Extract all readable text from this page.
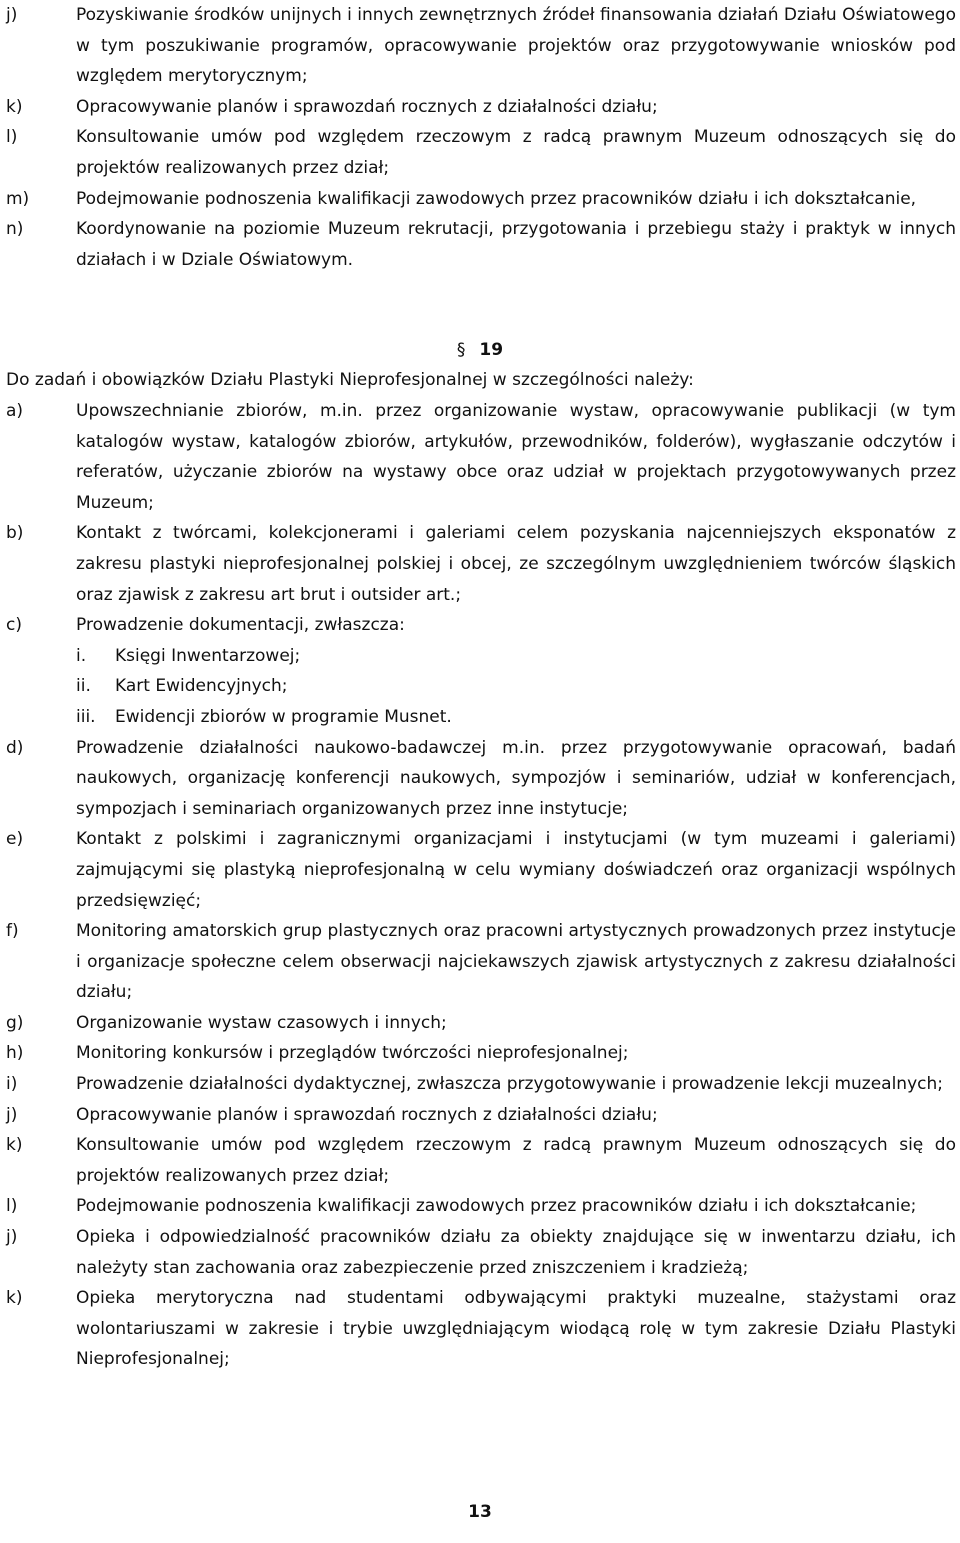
j)	Pozyskiwanie środków unijnych i innych zewnętrznych źródeł finansowania działań Działu Oświatowego w tym poszukiwanie programów, opracowywanie projektów oraz przygotowywanie wniosków pod względem merytorycznym;
k)	Opracowywanie planów i sprawozdań rocznych z działalności działu;
l)	Konsultowanie umów pod względem rzeczowym z radcą prawnym Muzeum odnoszących się do projektów realizowanych przez dział;
m)	Podejmowanie podnoszenia kwalifikacji zawodowych przez pracowników działu i ich dokształcanie,
n)	Koordynowanie na poziomie Muzeum rekrutacji, przygotowania i przebiegu staży i praktyk w innych działach i w Dziale Oświatowym.
§ 19
Do zadań i obowiązków Działu Plastyki Nieprofesjonalnej w szczególności należy:
a)	Upowszechnianie zbiorów, m.in. przez organizowanie wystaw, opracowywanie publikacji (w tym katalogów wystaw, katalogów zbiorów, artykułów, przewodników, folderów), wygłaszanie odczytów i referatów, użyczanie zbiorów na wystawy obce oraz udział w projektach przygotowywanych przez Muzeum;
b)	Kontakt z twórcami, kolekcjonerami i galeriami celem pozyskania najcenniejszych eksponatów z zakresu plastyki nieprofesjonalnej polskiej i obcej, ze szczególnym uwzględnieniem twórców śląskich oraz zjawisk z zakresu art brut i outsider art.;
c)	Prowadzenie dokumentacji, zwłaszcza:
i.	Księgi Inwentarzowej;
ii.	Kart Ewidencyjnych;
iii.	Ewidencji zbiorów w programie Musnet.
d)	Prowadzenie działalności naukowo-badawczej m.in. przez przygotowywanie opracowań, badań naukowych, organizację konferencji naukowych, sympozjów i seminariów, udział w konferencjach, sympozjach i seminariach organizowanych przez inne instytucje;
e)	Kontakt z polskimi i zagranicznymi organizacjami i instytucjami (w tym muzeami i galeriami) zajmującymi się plastyką nieprofesjonalną w celu wymiany doświadczeń oraz organizacji wspólnych przedsięwzięć;
f)	Monitoring amatorskich grup plastycznych oraz pracowni artystycznych prowadzonych przez instytucje i organizacje społeczne celem obserwacji najciekawszych zjawisk artystycznych z zakresu działalności działu;
g)	Organizowanie wystaw czasowych i innych;
h)	Monitoring konkursów i przeglądów twórczości nieprofesjonalnej;
i)	Prowadzenie działalności dydaktycznej, zwłaszcza przygotowywanie i prowadzenie lekcji muzealnych;
j)	Opracowywanie planów i sprawozdań rocznych z działalności działu;
k)	Konsultowanie umów pod względem rzeczowym z radcą prawnym Muzeum odnoszących się do projektów realizowanych przez dział;
l)	Podejmowanie podnoszenia kwalifikacji zawodowych przez pracowników działu i ich dokształcanie;
j)	Opieka i odpowiedzialność pracowników działu za obiekty znajdujące się w inwentarzu działu, ich należyty stan zachowania oraz zabezpieczenie przed zniszczeniem i kradzieżą;
k)	Opieka merytoryczna nad studentami odbywającymi praktyki muzealne, stażystami oraz wolontariuszami w zakresie i trybie uwzględniającym wiodącą rolę w tym zakresie Działu Plastyki Nieprofesjonalnej;
13
